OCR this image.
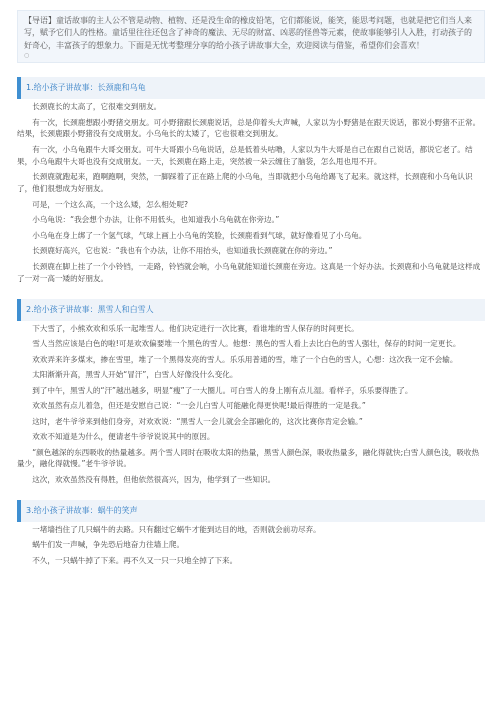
【导语】童话故事的主人公不管是动物、植物、还是没生命的橡皮铅笔，它们都能说，能笑，能思考问题，也就是把它们当人来写，赋予它们人的性格。童话里往往还包含了神奇的魔法、无尽的财富、凶恶的怪兽等元素，使故事能够引人入胜，打动孩子的好奇心，丰富孩子的想象力。下面是无忧考整理分享的给小孩子讲故事大全，欢迎阅读与借鉴，希望你们会喜欢！
○
1.给小孩子讲故事：长颈鹿和乌龟

长颈鹿长的太高了，它很难交到朋友。

有一次，长颈鹿想跟小野猪交朋友。可小野猪跟长颈鹿说话，总是仰着头大声喊，人家以为小野猪是在跟天说话，都说小野猪不正常。结果，长颈鹿跟小野猪没有交成朋友。小乌龟长的太矮了，它也很难交到朋友。

有一次，小乌龟跟牛大哥交朋友。可牛大哥跟小乌龟说话，总是低着头咕噜，人家以为牛大哥是自己在跟自己说话，都说它老了。结果，小乌龟跟牛大哥也没有交成朋友。一天，长颈鹿在路上走，突然被一朵云缠住了脑袋，怎么甩也甩不开。

长颈鹿就跑起来，跑啊跑啊，突然，一脚踩着了正在路上爬的小乌龟，当即就把小乌龟给踢飞了起来。就这样，长颈鹿和小乌龟认识了，他们很想成为好朋友。

可是，一个这么高，一个这么矮，怎么相处呢?

小乌龟说：“我会想个办法，让你不用低头，也知道我小乌龟就在你旁边。”

小乌龟在身上绑了一个氢气球，气球上画上小乌龟的笑脸，长颈鹿看到气球，就好像看见了小乌龟。

长颈鹿好高兴，它也说：“我也有个办法，让你不用抬头，也知道我长颈鹿就在你的旁边。”

长颈鹿在脚上挂了一个小铃铛，一走路，铃铛就会响，小乌龟就能知道长颈鹿在旁边。这真是一个好办法。长颈鹿和小乌龟就是这样成了一对一高一矮的好朋友。

2.给小孩子讲故事：黑雪人和白雪人

下大雪了，小熊欢欢和乐乐一起堆雪人。他们决定进行一次比赛，看谁堆的雪人保存的时间更长。

雪人当然应该是白色的啦!可是欢欢偏要堆一个黑色的雪人。他想：黑色的雪人看上去比白色的雪人强壮，保存的时间一定更长。

欢欢弄来许多煤末，掺在雪里，堆了一个黑得发亮的雪人。乐乐用普通的雪，堆了一个白色的雪人，心想：这次我一定不会输。

太阳渐渐升高，黑雪人开始“冒汗”，白雪人好像没什么变化。

到了中午，黑雪人的“汗”越出越多，明显“瘦”了一大圈儿。可白雪人的身上刚有点儿湿。看样子，乐乐要得胜了。

欢欢虽然有点儿着急，但还是安慰自己说：“一会儿白雪人可能融化得更快呢!最后得胜的一定是我。”

这时，老牛爷爷来到他们身旁，对欢欢说：“黑雪人一会儿就会全部融化的，这次比赛你肯定会输。”

欢欢不知道是为什么，便请老牛爷爷说说其中的原因。

“颜色越深的东西吸收的热量越多。两个雪人同时在吸收太阳的热量，黑雪人颜色深，吸收热量多，融化得就快;白雪人颜色浅，吸收热量少，融化得就慢。”老牛爷爷说。

这次，欢欢虽然没有得胜，但他依然很高兴，因为，他学到了一些知识。

3.给小孩子讲故事：蜗牛的笑声

一堵墙挡住了几只蜗牛的去路。只有翻过它蜗牛才能到达目的地，否则就会前功尽弃。

蜗牛们发一声喊，争先恐后地奋力往墙上爬。

不久，一只蜗牛掉了下来。再不久又一只一只地全掉了下来。
